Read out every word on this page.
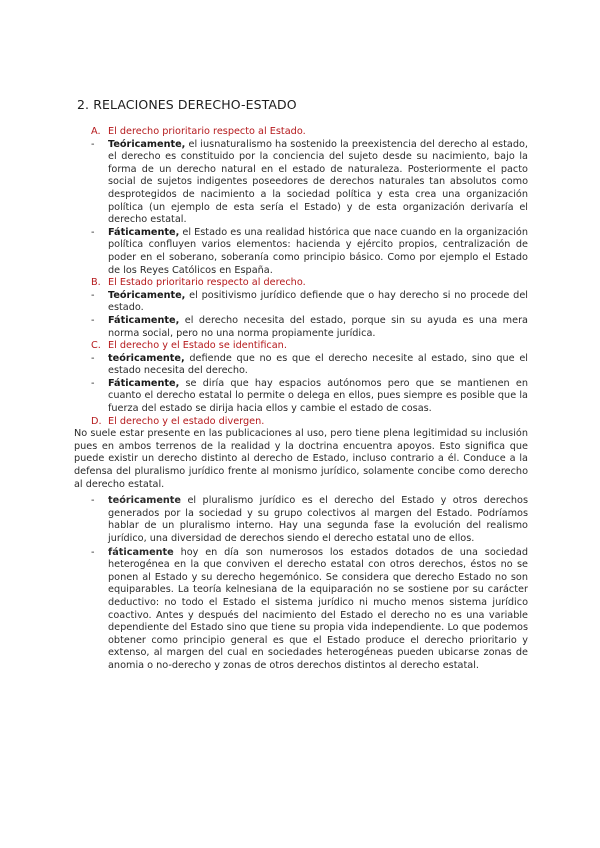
2. RELACIONES DERECHO-ESTADO
A. El derecho prioritario respecto al Estado.
- Teóricamente, el iusnaturalismo ha sostenido la preexistencia del derecho al estado, el derecho es constituido por la conciencia del sujeto desde su nacimiento, bajo la forma de un derecho natural en el estado de naturaleza. Posteriormente el pacto social de sujetos indigentes poseedores de derechos naturales tan absolutos como desprotegidos de nacimiento a la sociedad política y esta crea una organización política (un ejemplo de esta sería el Estado) y de esta organización derivaría el derecho estatal.
- Fáticamente, el Estado es una realidad histórica que nace cuando en la organización política confluyen varios elementos: hacienda y ejército propios, centralización de poder en el soberano, soberanía como principio básico. Como por ejemplo el Estado de los Reyes Católicos en España.
B. El Estado prioritario respecto al derecho.
- Teóricamente, el positivismo jurídico defiende que o hay derecho si no procede del estado.
- Fáticamente, el derecho necesita del estado, porque sin su ayuda es una mera norma social, pero no una norma propiamente jurídica.
C. El derecho y el Estado se identifican.
- teóricamente, defiende que no es que el derecho necesite al estado, sino que el estado necesita del derecho.
- Fáticamente, se diría que hay espacios autónomos pero que se mantienen en cuanto el derecho estatal lo permite o delega en ellos, pues siempre es posible que la fuerza del estado se dirija hacia ellos y cambie el estado de cosas.
D. El derecho y el estado divergen.

No suele estar presente en las publicaciones al uso, pero tiene plena legitimidad su inclusión pues en ambos terrenos de la realidad y la doctrina encuentra apoyos. Esto significa que puede existir un derecho distinto al derecho de Estado, incluso contrario a él. Conduce a la defensa del pluralismo jurídico frente al monismo jurídico, solamente concibe como derecho al derecho estatal.

- teóricamente el pluralismo jurídico es el derecho del Estado y otros derechos generados por la sociedad y su grupo colectivos al margen del Estado. Podríamos hablar de un pluralismo interno. Hay una segunda fase la evolución del realismo jurídico, una diversidad de derechos siendo el derecho estatal uno de ellos.
- fáticamente hoy en día son numerosos los estados dotados de una sociedad heterogénea en la que conviven el derecho estatal con otros derechos, éstos no se ponen al Estado y su derecho hegemónico. Se considera que derecho Estado no son equiparables. La teoría kelnesiana de la equiparación no se sostiene por su carácter deductivo: no todo el Estado el sistema jurídico ni mucho menos sistema jurídico coactivo. Antes y después del nacimiento del Estado el derecho no es una variable dependiente del Estado sino que tiene su propia vida independiente. Lo que podemos obtener como principio general es que el Estado produce el derecho prioritario y extenso, al margen del cual en sociedades heterogéneas pueden ubicarse zonas de anomia o no-derecho y zonas de otros derechos distintos al derecho estatal.
